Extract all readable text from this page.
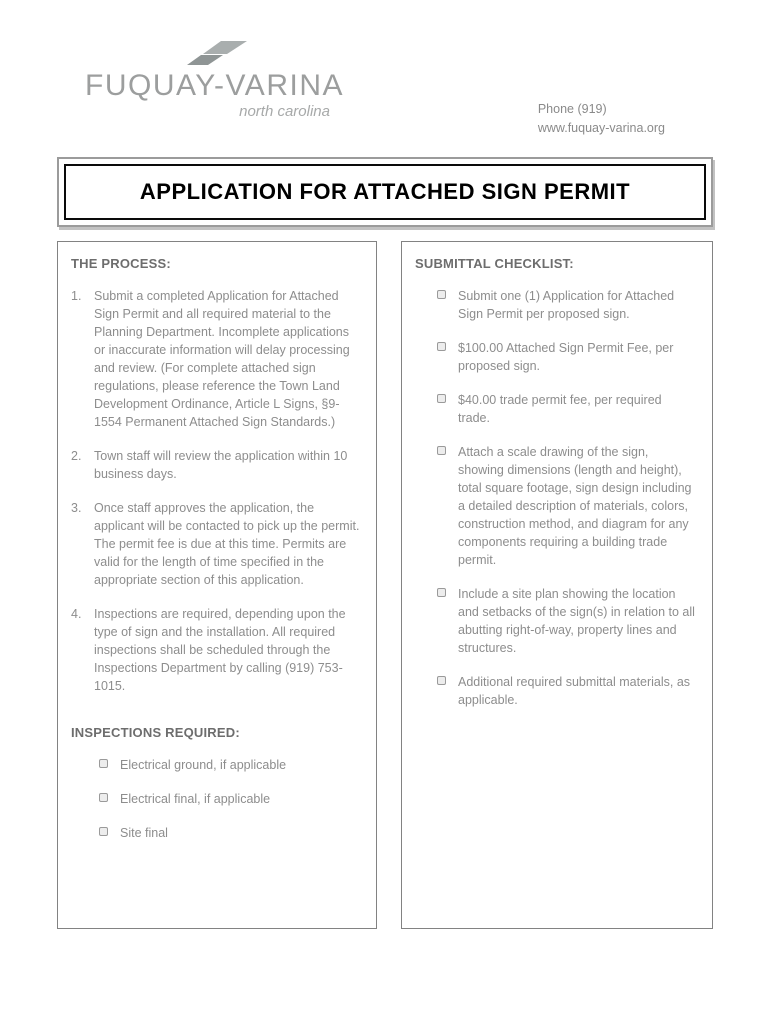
FUQUAY-VARINA
north carolina	Phone (919)
www.fuquay-varina.org
APPLICATION FOR ATTACHED SIGN PERMIT
THE PROCESS:
1.	Submit a completed Application for Attached Sign Permit and all required material to the Planning Department. Incomplete applications or inaccurate information will delay processing and review. (For complete attached sign regulations, please reference the Town Land Development Ordinance, Article L Signs, §9-1554 Permanent Attached Sign Standards.)
2.	Town staff will review the application within 10 business days.
3.	Once staff approves the application, the applicant will be contacted to pick up the permit. The permit fee is due at this time. Permits are valid for the length of time specified in the appropriate section of this application.
4.	Inspections are required, depending upon the type of sign and the installation. All required inspections shall be scheduled through the Inspections Department by calling (919) 753-1015.
INSPECTIONS REQUIRED:
Electrical ground, if applicable
Electrical final, if applicable
Site final
SUBMITTAL CHECKLIST:
Submit one (1) Application for Attached Sign Permit per proposed sign.
$100.00 Attached Sign Permit Fee, per proposed sign.
$40.00 trade permit fee, per required trade.
Attach a scale drawing of the sign, showing dimensions (length and height), total square footage, sign design including a detailed description of materials, colors, construction method, and diagram for any components requiring a building trade permit.
Include a site plan showing the location and setbacks of the sign(s) in relation to all abutting right-of-way, property lines and structures.
Additional required submittal materials, as applicable.
